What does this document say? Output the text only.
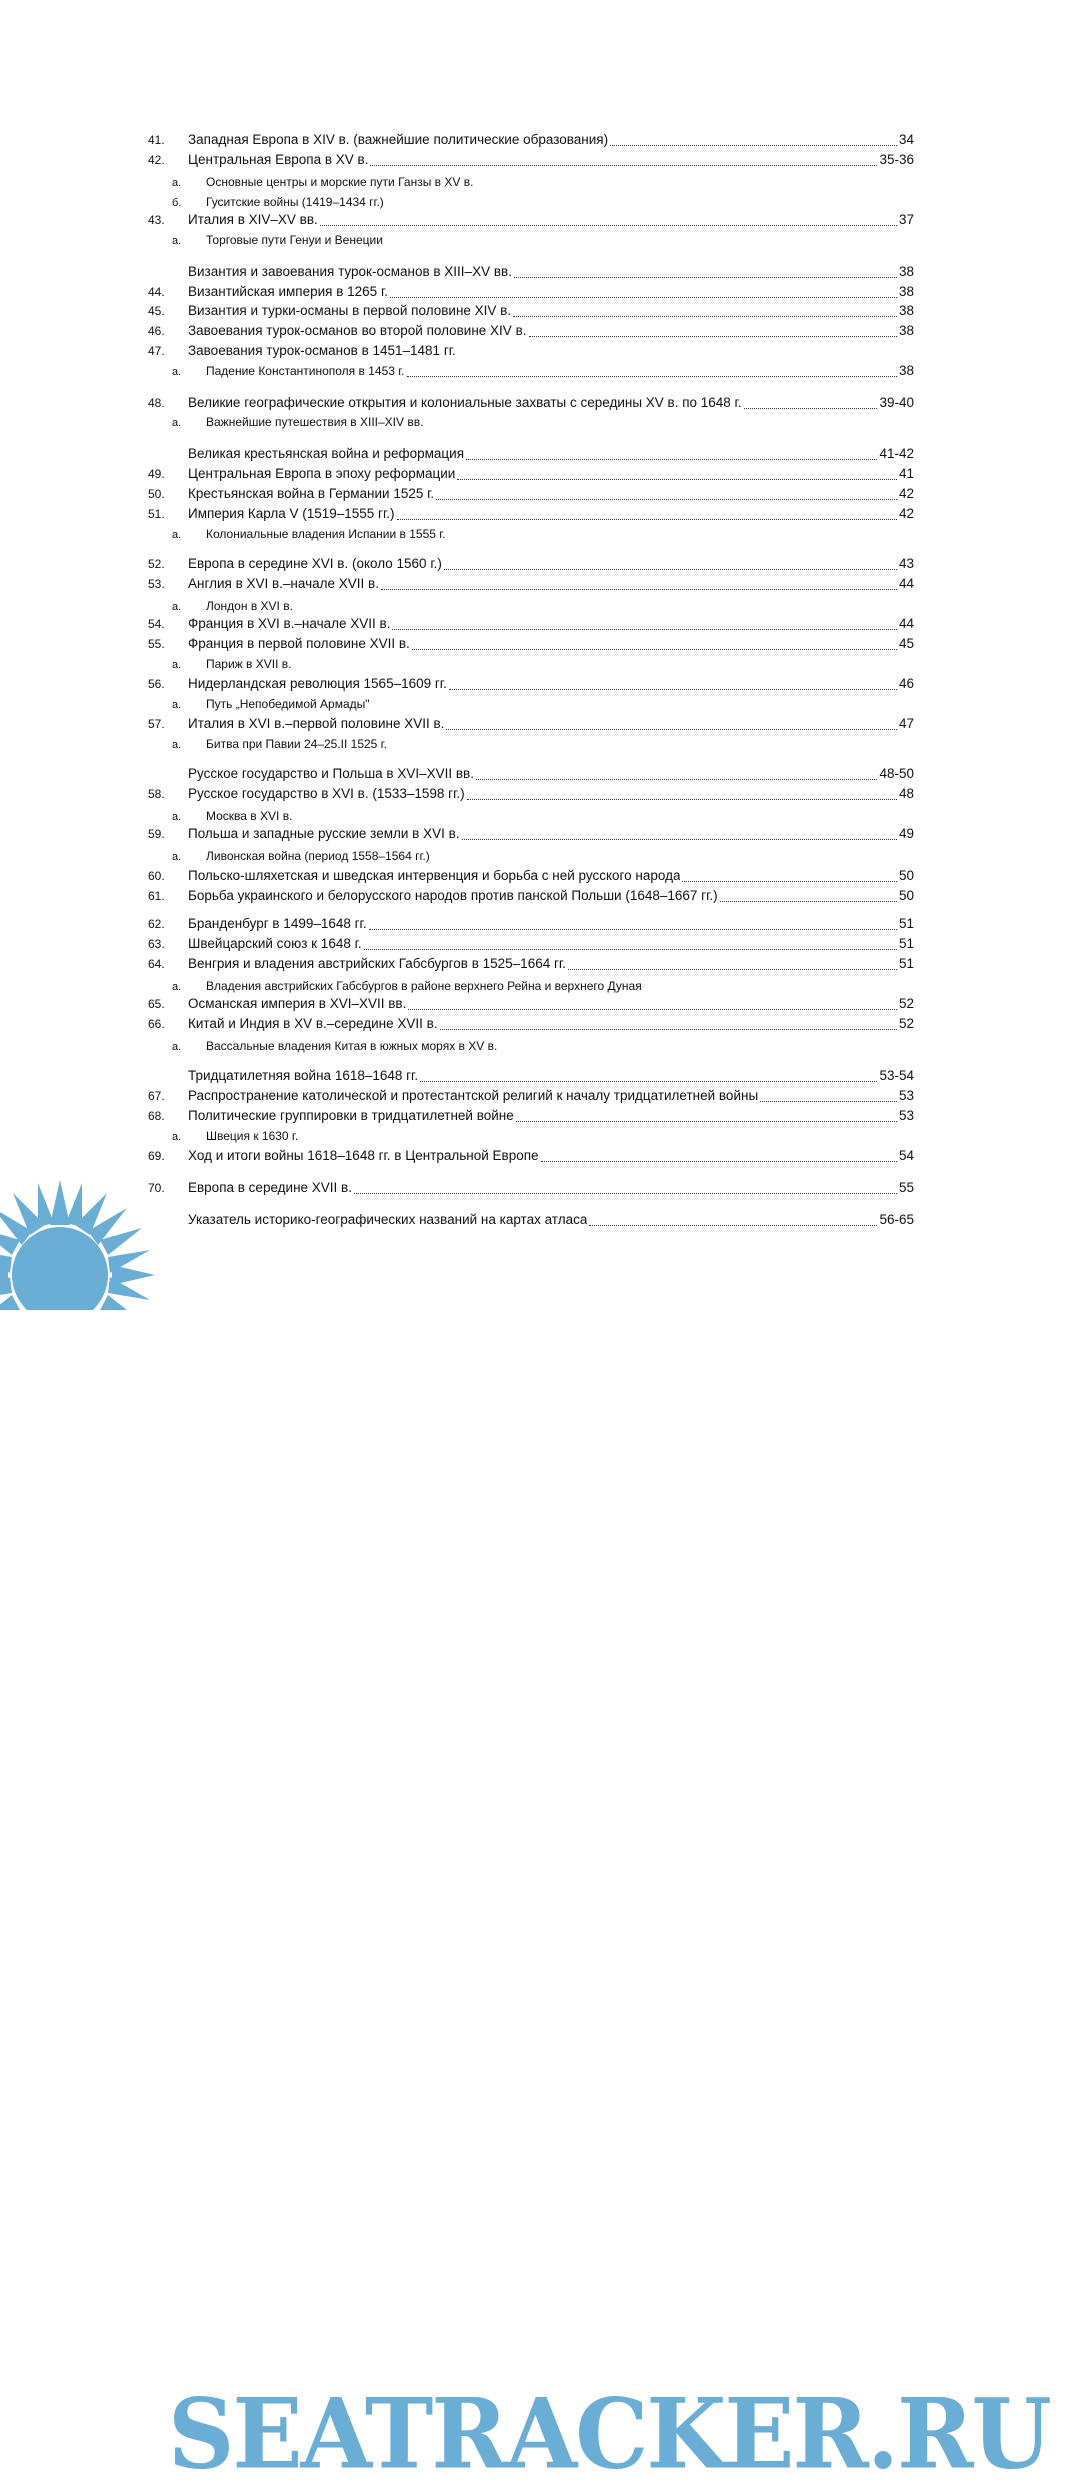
41.	Западная Европа в XIV в. (важнейшие политические образования)	34
42.	Центральная Европа в XV в.	35-36
а.	Основные центры и морские пути Ганзы в XV в.
б.	Гуситские войны (1419–1434 гг.)
43.	Италия в XIV–XV вв.	37
а.	Торговые пути Генуи и Венеции
Византия и завоевания турок-османов в XIII–XV вв.	38
44.	Византийская империя в 1265 г.	38
45.	Византия и турки-османы в первой половине XIV в.	38
46.	Завоевания турок-османов во второй половине XIV в.	38
47.	Завоевания турок-османов в 1451–1481 гг.
а.	Падение Константинополя в 1453 г.	38
48.	Великие географические открытия и колониальные захваты с середины XV в. по 1648 г.	39-40
а.	Важнейшие путешествия в XIII–XIV вв.
Великая крестьянская война и реформация	41-42
49.	Центральная Европа в эпоху реформации	41
50.	Крестьянская война в Германии 1525 г.	42
51.	Империя Карла V (1519–1555 гг.)	42
а.	Колониальные владения Испании в 1555 г.
52.	Европа в середине XVI в. (около 1560 г.)	43
53.	Англия в XVI в.–начале XVII в.	44
а.	Лондон в XVI в.
54.	Франция в XVI в.–начале XVII в.	44
55.	Франция в первой половине XVII в.	45
а.	Париж в XVII в.
56.	Нидерландская революция 1565–1609 гг.	46
а.	Путь „Непобедимой Армады"
57.	Италия в XVI в.–первой половине XVII в.	47
а.	Битва при Павии 24–25.II 1525 г.
Русское государство и Польша в XVI–XVII вв.	48-50
58.	Русское государство в XVI в. (1533–1598 гг.)	48
а.	Москва в XVI в.
59.	Польша и западные русские земли в XVI в.	49
а.	Ливонская война (период 1558–1564 гг.)
60.	Польско-шляхетская и шведская интервенция и борьба с ней русского народа	50
61.	Борьба украинского и белорусского народов против панской Польши (1648–1667 гг.)	50
62.	Бранденбург в 1499–1648 гг.	51
63.	Швейцарский союз к 1648 г.	51
64.	Венгрия и владения австрийских Габсбургов в 1525–1664 гг.	51
а.	Владения австрийских Габсбургов в районе верхнего Рейна и верхнего Дуная
65.	Османская империя в XVI–XVII вв.	52
66.	Китай и Индия в XV в.–середине XVII в.	52
а.	Вассальные владения Китая в южных морях в XV в.
Тридцатилетняя война 1618–1648 гг.	53-54
67.	Распространение католической и протестантской религий к началу тридцатилетней войны	53
68.	Политические группировки в тридцатилетней войне	53
а.	Швеция к 1630 г.
69.	Ход и итоги войны 1618–1648 гг. в Центральной Европе	54
70.	Европа в середине XVII в.	55
Указатель историко-географических названий на картах атласа	56-65
SEATRACKER.RU
